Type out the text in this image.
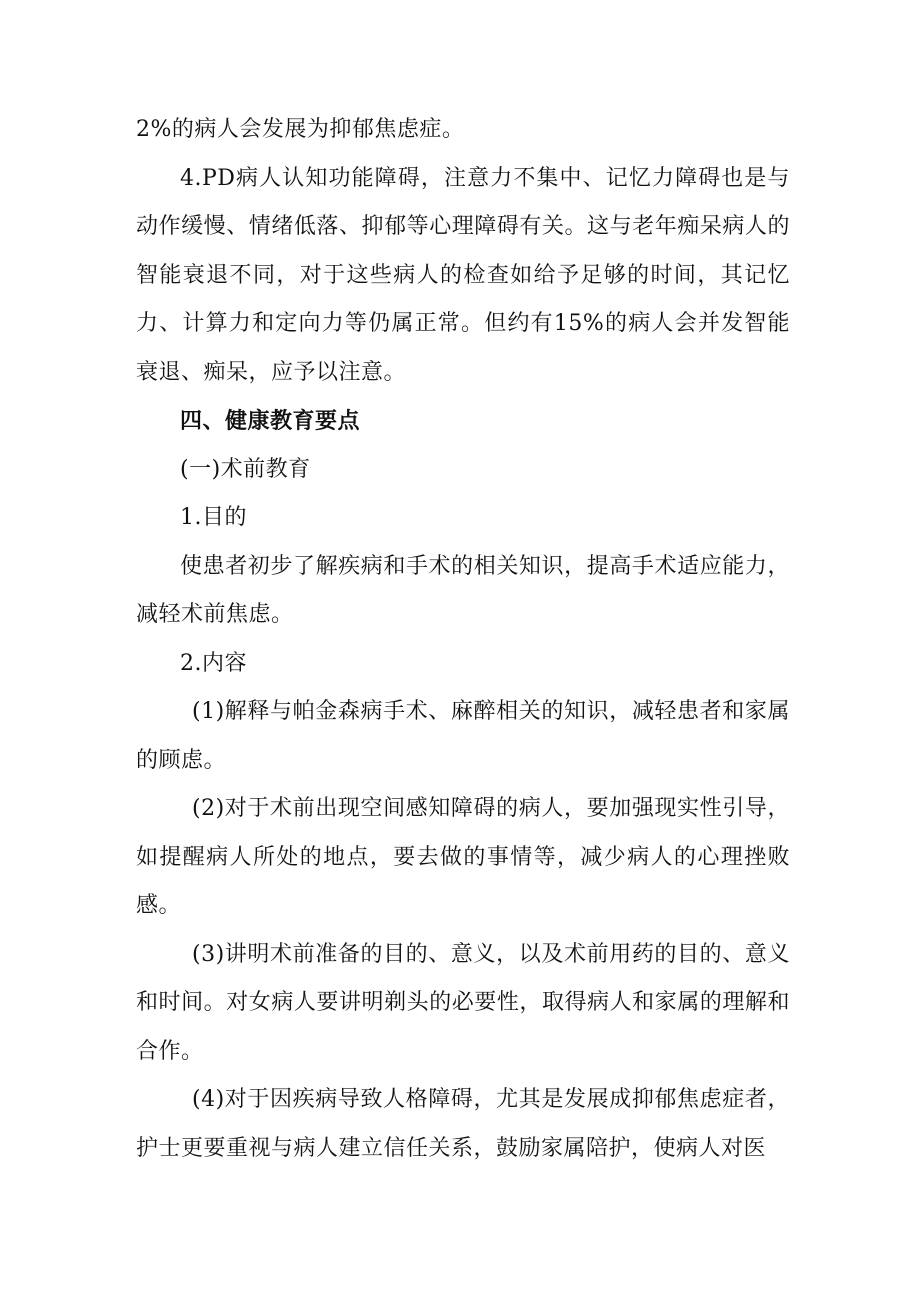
2%的病人会发展为抑郁焦虑症。

4.PD病人认知功能障碍，注意力不集中、记忆力障碍也是与动作缓慢、情绪低落、抑郁等心理障碍有关。这与老年痴呆病人的智能衰退不同，对于这些病人的检查如给予足够的时间，其记忆力、计算力和定向力等仍属正常。但约有15%的病人会并发智能衰退、痴呆，应予以注意。

四、健康教育要点

(一)术前教育

1.目的

使患者初步了解疾病和手术的相关知识，提高手术适应能力，减轻术前焦虑。

2.内容

(1)解释与帕金森病手术、麻醉相关的知识，减轻患者和家属的顾虑。

(2)对于术前出现空间感知障碍的病人，要加强现实性引导，如提醒病人所处的地点，要去做的事情等，减少病人的心理挫败感。

(3)讲明术前准备的目的、意义，以及术前用药的目的、意义和时间。对女病人要讲明剃头的必要性，取得病人和家属的理解和合作。

(4)对于因疾病导致人格障碍，尤其是发展成抑郁焦虑症者，护士更要重视与病人建立信任关系，鼓励家属陪护，使病人对医
